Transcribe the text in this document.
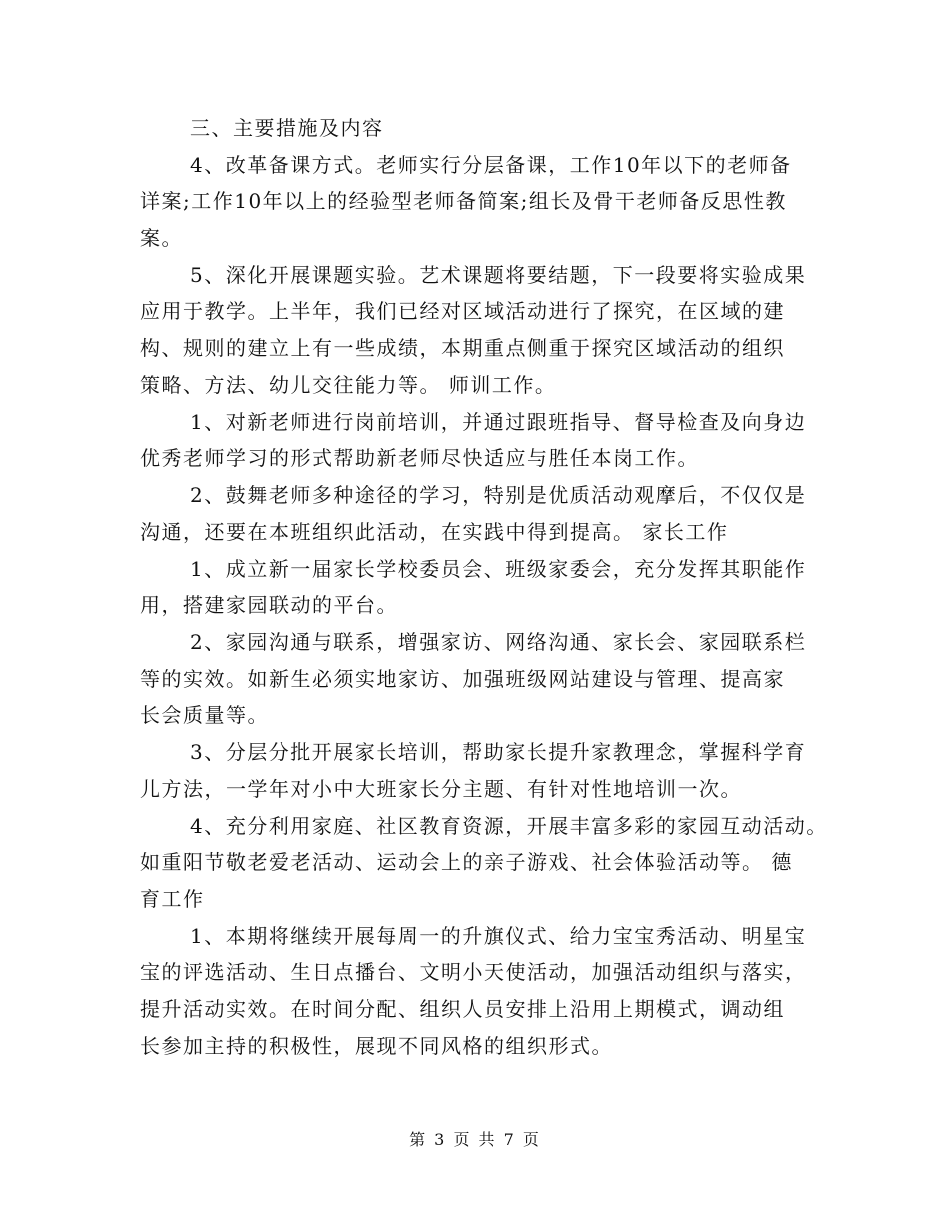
三、主要措施及内容
4、改革备课方式。老师实行分层备课，工作10年以下的老师备
详案;工作10年以上的经验型老师备简案;组长及骨干老师备反思性教
案。
5、深化开展课题实验。艺术课题将要结题，下一段要将实验成果
应用于教学。上半年，我们已经对区域活动进行了探究，在区域的建
构、规则的建立上有一些成绩，本期重点侧重于探究区域活动的组织
策略、方法、幼儿交往能力等。 师训工作。
1、对新老师进行岗前培训，并通过跟班指导、督导检查及向身边
优秀老师学习的形式帮助新老师尽快适应与胜任本岗工作。
2、鼓舞老师多种途径的学习，特别是优质活动观摩后，不仅仅是
沟通，还要在本班组织此活动，在实践中得到提高。 家长工作
1、成立新一届家长学校委员会、班级家委会，充分发挥其职能作
用，搭建家园联动的平台。
2、家园沟通与联系，增强家访、网络沟通、家长会、家园联系栏
等的实效。如新生必须实地家访、加强班级网站建设与管理、提高家
长会质量等。
3、分层分批开展家长培训，帮助家长提升家教理念，掌握科学育
儿方法，一学年对小中大班家长分主题、有针对性地培训一次。
4、充分利用家庭、社区教育资源，开展丰富多彩的家园互动活动。
如重阳节敬老爱老活动、运动会上的亲子游戏、社会体验活动等。 德
育工作
1、本期将继续开展每周一的升旗仪式、给力宝宝秀活动、明星宝
宝的评选活动、生日点播台、文明小天使活动，加强活动组织与落实，
提升活动实效。在时间分配、组织人员安排上沿用上期模式，调动组
长参加主持的积极性，展现不同风格的组织形式。
第 3 页 共 7 页
